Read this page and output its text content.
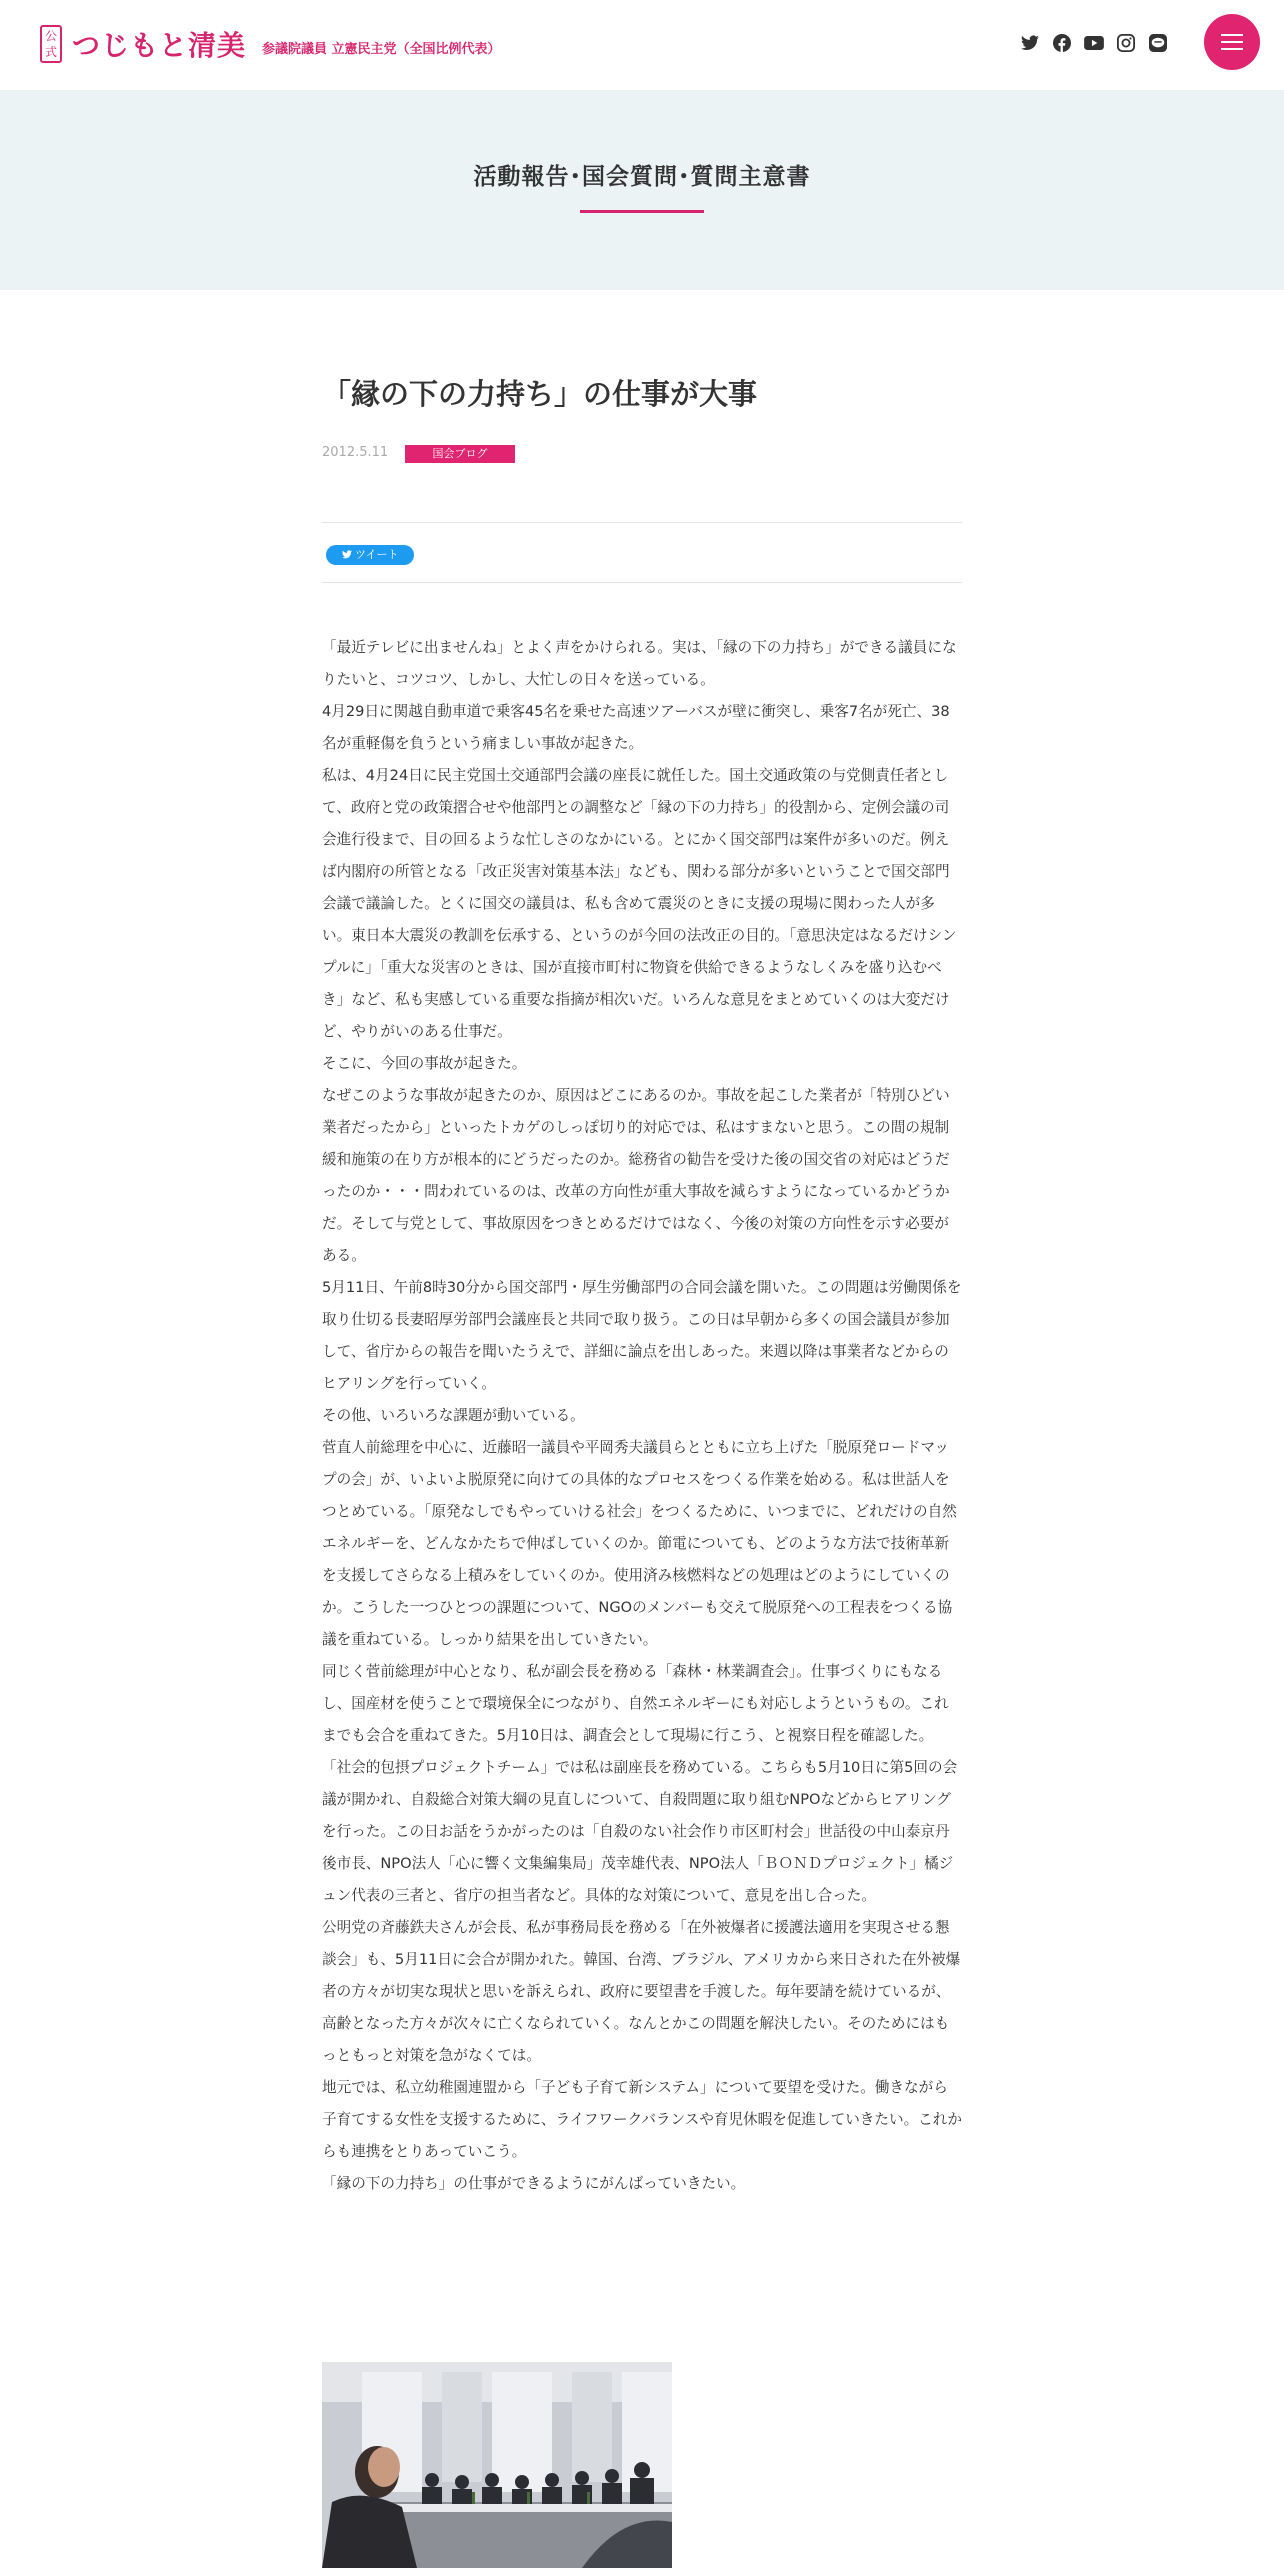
公
式 つじもと清美 参議院議員 立憲民主党（全国比例代表）
活動報告･国会質問･質問主意書
「縁の下の力持ち」の仕事が大事
2012.5.11	国会ブログ
ツイート

「最近テレビに出ませんね」とよく声をかけられる。実は、「縁の下の力持ち」ができる議員になりたいと、コツコツ、しかし、大忙しの日々を送っている。

4月29日に関越自動車道で乗客45名を乗せた高速ツアーバスが壁に衝突し、乗客7名が死亡、38名が重軽傷を負うという痛ましい事故が起きた。

私は、4月24日に民主党国土交通部門会議の座長に就任した。国土交通政策の与党側責任者として、政府と党の政策摺合せや他部門との調整など「縁の下の力持ち」的役割から、定例会議の司会進行役まで、目の回るような忙しさのなかにいる。とにかく国交部門は案件が多いのだ。例えば内閣府の所管となる「改正災害対策基本法」なども、関わる部分が多いということで国交部門会議で議論した。とくに国交の議員は、私も含めて震災のときに支援の現場に関わった人が多い。東日本大震災の教訓を伝承する、というのが今回の法改正の目的。「意思決定はなるだけシンプルに」「重大な災害のときは、国が直接市町村に物資を供給できるようなしくみを盛り込むべき」など、私も実感している重要な指摘が相次いだ。いろんな意見をまとめていくのは大変だけど、やりがいのある仕事だ。

そこに、今回の事故が起きた。

なぜこのような事故が起きたのか、原因はどこにあるのか。事故を起こした業者が「特別ひどい業者だったから」といったトカゲのしっぽ切り的対応では、私はすまないと思う。この間の規制緩和施策の在り方が根本的にどうだったのか。総務省の勧告を受けた後の国交省の対応はどうだったのか・・・問われているのは、改革の方向性が重大事故を減らすようになっているかどうかだ。そして与党として、事故原因をつきとめるだけではなく、今後の対策の方向性を示す必要がある。

5月11日、午前8時30分から国交部門・厚生労働部門の合同会議を開いた。この問題は労働関係を取り仕切る長妻昭厚労部門会議座長と共同で取り扱う。この日は早朝から多くの国会議員が参加して、省庁からの報告を聞いたうえで、詳細に論点を出しあった。来週以降は事業者などからのヒアリングを行っていく。

その他、いろいろな課題が動いている。

菅直人前総理を中心に、近藤昭一議員や平岡秀夫議員らとともに立ち上げた「脱原発ロードマップの会」が、いよいよ脱原発に向けての具体的なプロセスをつくる作業を始める。私は世話人をつとめている。「原発なしでもやっていける社会」をつくるために、いつまでに、どれだけの自然エネルギーを、どんなかたちで伸ばしていくのか。節電についても、どのような方法で技術革新を支援してさらなる上積みをしていくのか。使用済み核燃料などの処理はどのようにしていくのか。こうした一つひとつの課題について、NGOのメンバーも交えて脱原発への工程表をつくる協議を重ねている。しっかり結果を出していきたい。

同じく菅前総理が中心となり、私が副会長を務める「森林・林業調査会」。仕事づくりにもなるし、国産材を使うことで環境保全につながり、自然エネルギーにも対応しようというもの。これまでも会合を重ねてきた。5月10日は、調査会として現場に行こう、と視察日程を確認した。

「社会的包摂プロジェクトチーム」では私は副座長を務めている。こちらも5月10日に第5回の会議が開かれ、自殺総合対策大綱の見直しについて、自殺問題に取り組むNPOなどからヒアリングを行った。この日お話をうかがったのは「自殺のない社会作り市区町村会」世話役の中山泰京丹後市長、NPO法人「心に響く文集編集局」茂幸雄代表、NPO法人「ＢＯＮＤプロジェクト」橘ジュン代表の三者と、省庁の担当者など。具体的な対策について、意見を出し合った。

公明党の斉藤鉄夫さんが会長、私が事務局長を務める「在外被爆者に援護法適用を実現させる懇談会」も、5月11日に会合が開かれた。韓国、台湾、ブラジル、アメリカから来日された在外被爆者の方々が切実な現状と思いを訴えられ、政府に要望書を手渡した。毎年要請を続けているが、高齢となった方々が次々に亡くなられていく。なんとかこの問題を解決したい。そのためにはもっともっと対策を急がなくては。

地元では、私立幼稚園連盟から「子ども子育て新システム」について要望を受けた。働きながら子育てする女性を支援するために、ライフワークバランスや育児休暇を促進していきたい。これからも連携をとりあっていこう。

「縁の下の力持ち」の仕事ができるようにがんばっていきたい。
